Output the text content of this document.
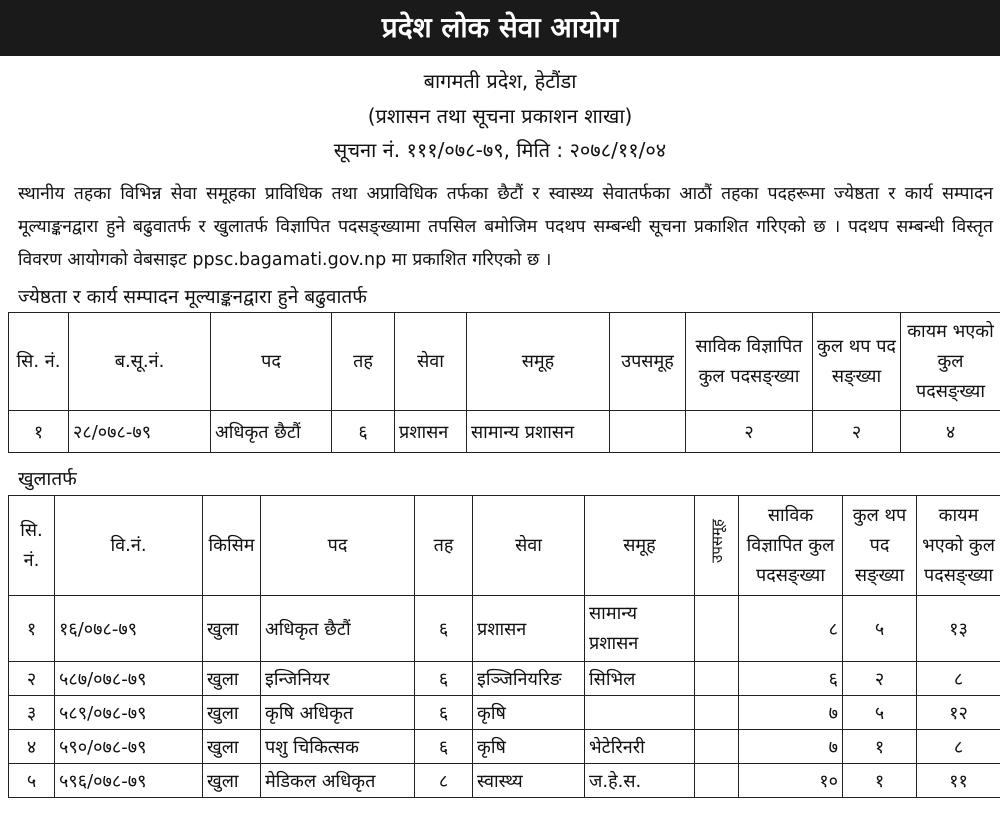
प्रदेश लोक सेवा आयोग
बागमती प्रदेश, हेटौंडा
(प्रशासन तथा सूचना प्रकाशन शाखा)
सूचना नं. १११/०७८-७९, मिति : २०७८/११/०४
स्थानीय तहका विभिन्न सेवा समूहका प्राविधिक तथा अप्राविधिक तर्फका छैटौं र स्वास्थ्य सेवातर्फका आठौं तहका पदहरूमा ज्येष्ठता र कार्य सम्पादन मूल्याङ्कनद्वारा हुने बढुवातर्फ र खुलातर्फ विज्ञापित पदसङ्ख्यामा तपसिल बमोजिम पदथप सम्बन्धी सूचना प्रकाशित गरिएको छ । पदथप सम्बन्धी विस्तृत विवरण आयोगको वेबसाइट ppsc.bagamati.gov.np मा प्रकाशित गरिएको छ ।
ज्येष्ठता र कार्य सम्पादन मूल्याङ्कनद्वारा हुने बढुवातर्फ
सि. नं.	ब.सू.नं.	पद	तह	सेवा	समूह	उपसमूह	साविक विज्ञापित कुल पदसङ्ख्या	कुल थप पद सङ्ख्या	कायम भएको कुल पदसङ्ख्या
१	२८/०७८-७९	अधिकृत छैटौं	६	प्रशासन	सामान्य प्रशासन		२	२	४
खुलातर्फ
सि. नं.	वि.नं.	किसिम	पद	तह	सेवा	समूह	उपसमूह	साविक विज्ञापित कुल पदसङ्ख्या	कुल थप पद सङ्ख्या	कायम भएको कुल पदसङ्ख्या
१	१६/०७८-७९	खुला	अधिकृत छैटौं	६	प्रशासन	सामान्य प्रशासन		८	५	१३
२	५८७/०७८-७९	खुला	इन्जिनियर	६	इञ्जिनियरिङ	सिभिल		६	२	८
३	५८९/०७८-७९	खुला	कृषि अधिकृत	६	कृषि			७	५	१२
४	५९०/०७८-७९	खुला	पशु चिकित्सक	६	कृषि	भेटेरिनरी		७	१	८
५	५९६/०७८-७९	खुला	मेडिकल अधिकृत	८	स्वास्थ्य	ज.हे.स.		१०	१	११
